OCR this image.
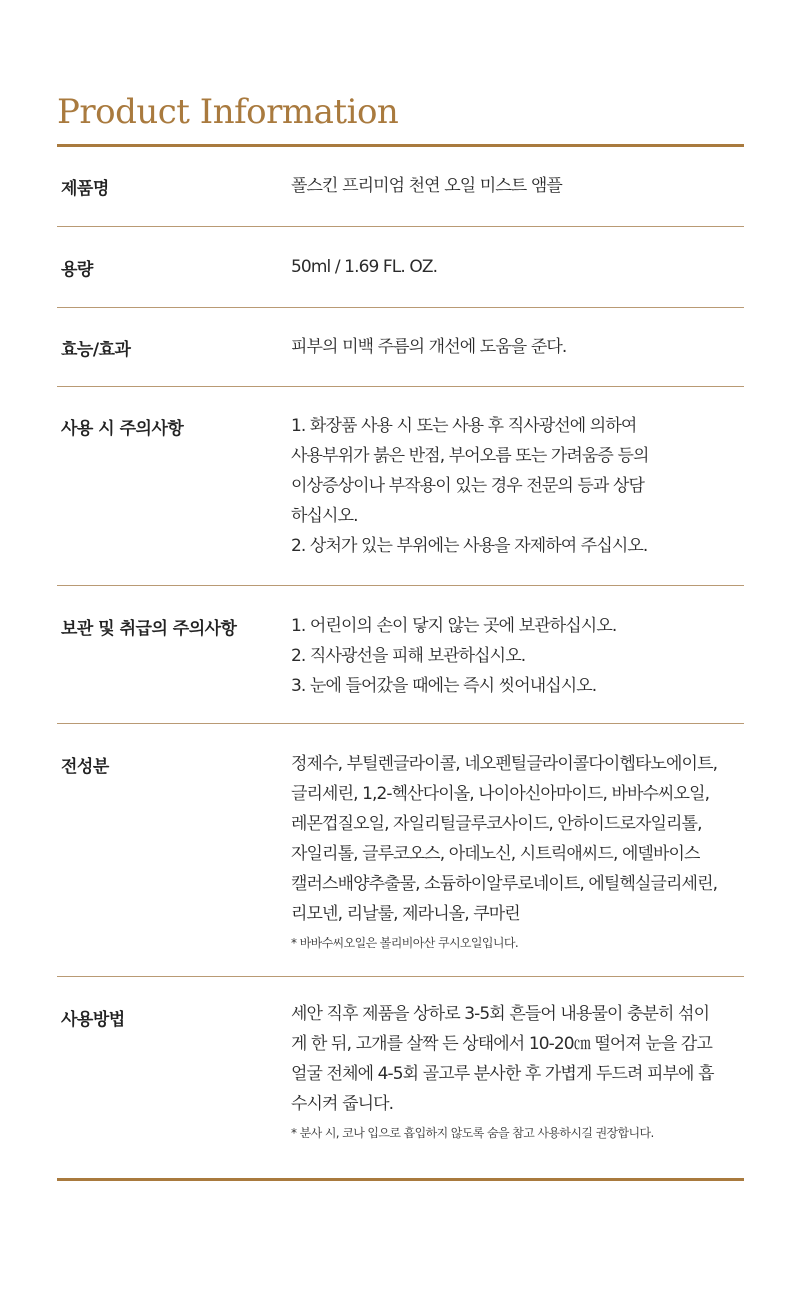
Product Information
제품명	폴스킨 프리미엄 천연 오일 미스트 앰플
용량	50ml / 1.69 FL. OZ.
효능/효과	피부의 미백 주름의 개선에 도움을 준다.
사용 시 주의사항	1. 화장품 사용 시 또는 사용 후 직사광선에 의하여
사용부위가 붉은 반점, 부어오름 또는 가려움증 등의
이상증상이나 부작용이 있는 경우 전문의 등과 상담
하십시오.
2. 상처가 있는 부위에는 사용을 자제하여 주십시오.
보관 및 취급의 주의사항	1. 어린이의 손이 닿지 않는 곳에 보관하십시오.
2. 직사광선을 피해 보관하십시오.
3. 눈에 들어갔을 때에는 즉시 씻어내십시오.
전성분	정제수, 부틸렌글라이콜, 네오펜틸글라이콜다이헵타노에이트,
글리세린, 1,2-헥산다이올, 나이아신아마이드, 바바수씨오일,
레몬껍질오일, 자일리틸글루코사이드, 안하이드로자일리톨,
자일리톨, 글루코오스, 아데노신, 시트릭애씨드, 에델바이스
캘러스배양추출물, 소듐하이알루로네이트, 에틸헥실글리세린,
리모넨, 리날룰, 제라니올, 쿠마린
* 바바수씨오일은 볼리비아산 쿠시오일입니다.
사용방법	세안 직후 제품을 상하로 3-5회 흔들어 내용물이 충분히 섞이
게 한 뒤, 고개를 살짝 든 상태에서 10-20㎝ 떨어져 눈을 감고
얼굴 전체에 4-5회 골고루 분사한 후 가볍게 두드려 피부에 흡
수시켜 줍니다.
* 분사 시, 코나 입으로 흡입하지 않도록 숨을 참고 사용하시길 권장합니다.
